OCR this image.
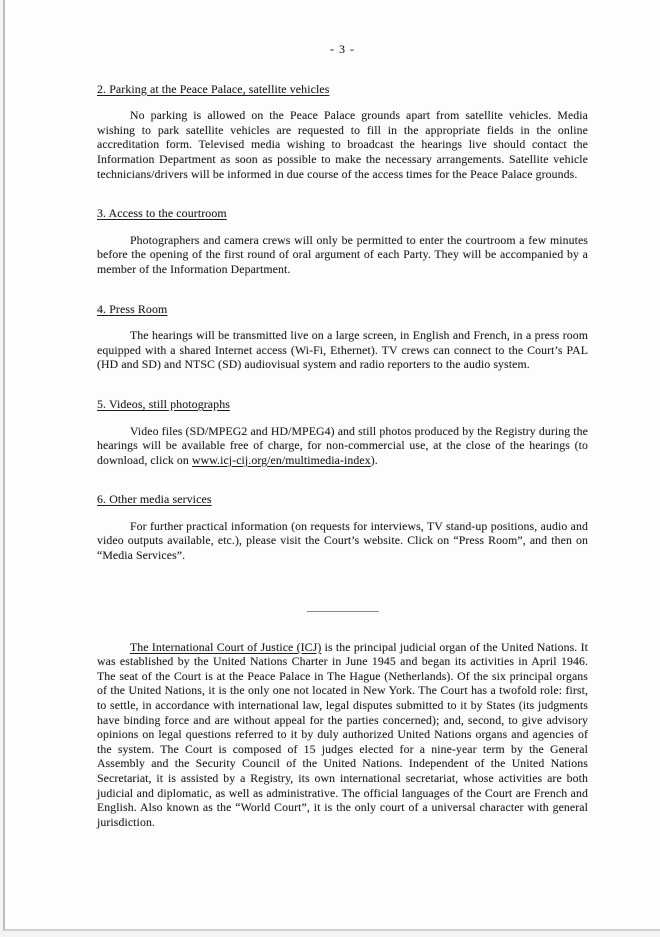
- 3 -
2. Parking at the Peace Palace, satellite vehicles

No parking is allowed on the Peace Palace grounds apart from satellite vehicles. Media wishing to park satellite vehicles are requested to fill in the appropriate fields in the online accreditation form. Televised media wishing to broadcast the hearings live should contact the Information Department as soon as possible to make the necessary arrangements. Satellite vehicle technicians/drivers will be informed in due course of the access times for the Peace Palace grounds.

3. Access to the courtroom

Photographers and camera crews will only be permitted to enter the courtroom a few minutes before the opening of the first round of oral argument of each Party. They will be accompanied by a member of the Information Department.

4. Press Room

The hearings will be transmitted live on a large screen, in English and French, in a press room equipped with a shared Internet access (Wi-Fi, Ethernet). TV crews can connect to the Court’s PAL (HD and SD) and NTSC (SD) audiovisual system and radio reporters to the audio system.

5. Videos, still photographs

Video files (SD/MPEG2 and HD/MPEG4) and still photos produced by the Registry during the hearings will be available free of charge, for non-commercial use, at the close of the hearings (to download, click on www.icj-cij.org/en/multimedia-index).

6. Other media services

For further practical information (on requests for interviews, TV stand-up positions, audio and video outputs available, etc.), please visit the Court’s website. Click on “Press Room”, and then on “Media Services”.

The International Court of Justice (ICJ) is the principal judicial organ of the United Nations. It was established by the United Nations Charter in June 1945 and began its activities in April 1946. The seat of the Court is at the Peace Palace in The Hague (Netherlands). Of the six principal organs of the United Nations, it is the only one not located in New York. The Court has a twofold role: first, to settle, in accordance with international law, legal disputes submitted to it by States (its judgments have binding force and are without appeal for the parties concerned); and, second, to give advisory opinions on legal questions referred to it by duly authorized United Nations organs and agencies of the system. The Court is composed of 15 judges elected for a nine-year term by the General Assembly and the Security Council of the United Nations. Independent of the United Nations Secretariat, it is assisted by a Registry, its own international secretariat, whose activities are both judicial and diplomatic, as well as administrative. The official languages of the Court are French and English. Also known as the “World Court”, it is the only court of a universal character with general jurisdiction.
